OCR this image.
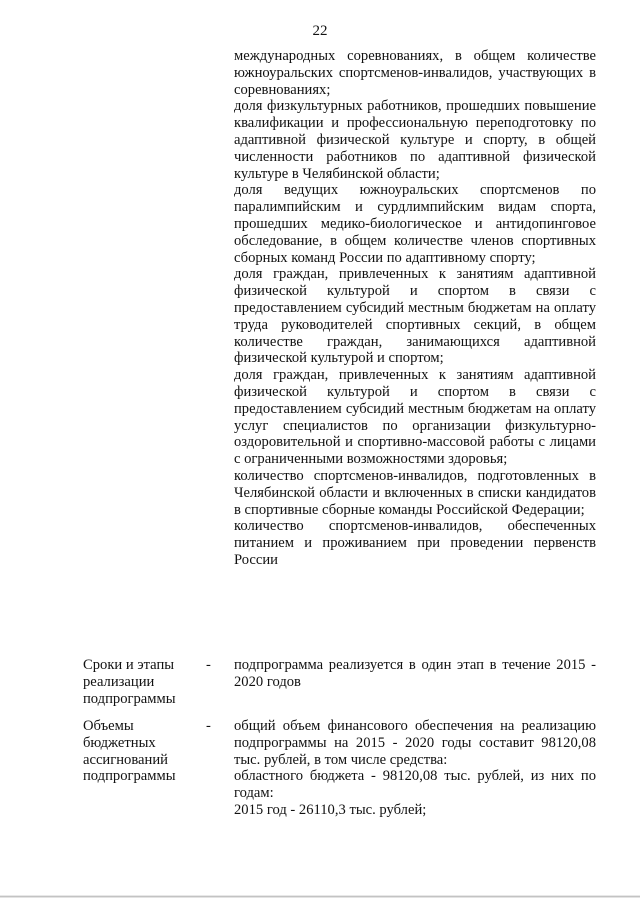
22

международных соревнованиях, в общем количестве южноуральских спортсменов-инвалидов, участвующих в соревнованиях;

доля физкультурных работников, прошедших повышение квалификации и профессиональную переподготовку по адаптивной физической культуре и спорту, в общей численности работников по адаптивной физической культуре в Челябинской области;

доля ведущих южноуральских спортсменов по паралимпийским и сурдлимпийским видам спорта, прошедших медико-биологическое и антидопинговое обследование, в общем количестве членов спортивных сборных команд России по адаптивному спорту;

доля граждан, привлеченных к занятиям адаптивной физической культурой и спортом в связи с предоставлением субсидий местным бюджетам на оплату труда руководителей спортивных секций, в общем количестве граждан, занимающихся адаптивной физической культурой и спортом;

доля граждан, привлеченных к занятиям адаптивной физической культурой и спортом в связи с предоставлением субсидий местным бюджетам на оплату услуг специалистов по организации физкультурно-оздоровительной и спортивно-массовой работы с лицами с ограниченными возможностями здоровья;

количество спортсменов-инвалидов, подготовленных в Челябинской области и включенных в списки кандидатов в спортивные сборные команды Российской Федерации;

количество спортсменов-инвалидов, обеспеченных питанием и проживанием при проведении первенств России

Сроки и этапы

реализации

подпрограммы

- подпрограмма реализуется в один этап в течение 2015 - 2020 годов

Объемы

бюджетных

ассигнований

подпрограммы

- общий объем финансового обеспечения на реализацию подпрограммы на 2015 - 2020 годы составит 98120,08 тыс. рублей, в том числе средства:

областного бюджета - 98120,08 тыс. рублей, из них по годам:

2015 год - 26110,3 тыс. рублей;
